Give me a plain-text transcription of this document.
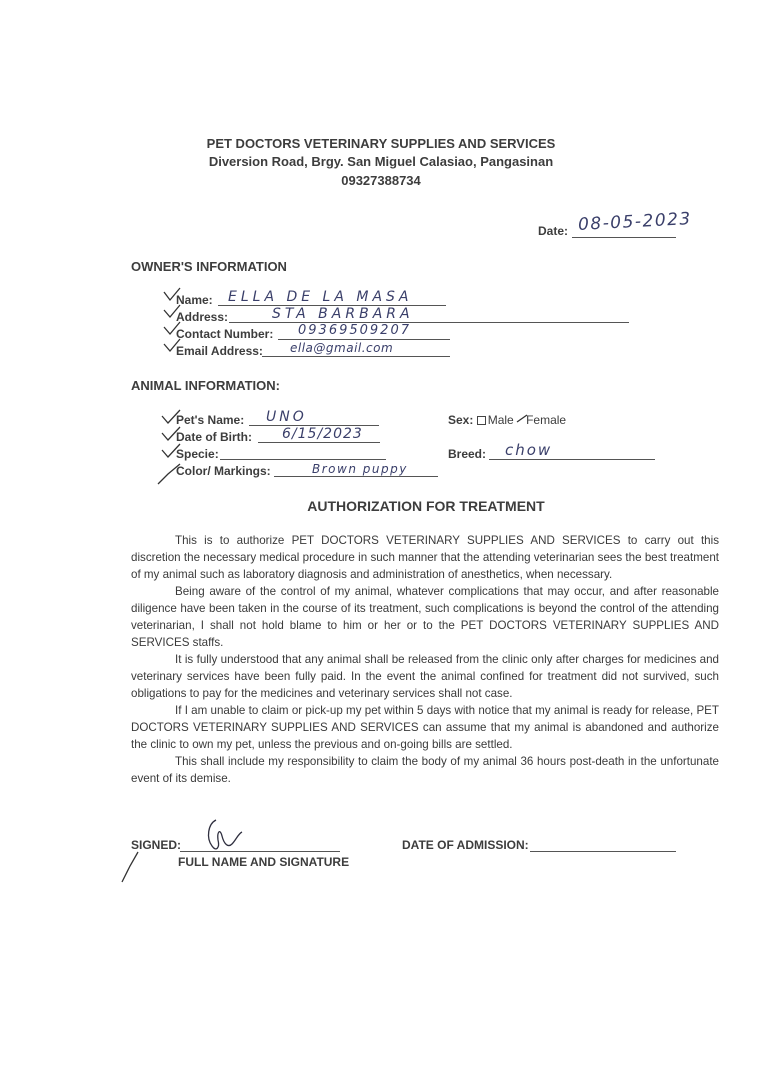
PET DOCTORS VETERINARY SUPPLIES AND SERVICES
Diversion Road, Brgy. San Miguel Calasiao, Pangasinan
09327388734
Date: 08-05-2023
OWNER'S INFORMATION
Name: ELLA DE LA MASA
Address:	STA BARBARA
Contact Number: 09369509207
Email Address: ella@gmail.com
ANIMAL INFORMATION:
Pet's Name: UNO
Date of Birth: 6/15/2023
Specie:
Color/ Markings:	Brown puppy
Sex: Male Female
Breed: chow
AUTHORIZATION FOR TREATMENT

This is to authorize PET DOCTORS VETERINARY SUPPLIES AND SERVICES to carry out this discretion the necessary medical procedure in such manner that the attending veterinarian sees the best treatment of my animal such as laboratory diagnosis and administration of anesthetics, when necessary.

Being aware of the control of my animal, whatever complications that may occur, and after reasonable diligence have been taken in the course of its treatment, such complications is beyond the control of the attending veterinarian, I shall not hold blame to him or her or to the PET DOCTORS VETERINARY SUPPLIES AND SERVICES staffs.

It is fully understood that any animal shall be released from the clinic only after charges for medicines and veterinary services have been fully paid. In the event the animal confined for treatment did not survived, such obligations to pay for the medicines and veterinary services shall not case.

If I am unable to claim or pick-up my pet within 5 days with notice that my animal is ready for release, PET DOCTORS VETERINARY SUPPLIES AND SERVICES can assume that my animal is abandoned and authorize the clinic to own my pet, unless the previous and on-going bills are settled.

This shall include my responsibility to claim the body of my animal 36 hours post-death in the unfortunate event of its demise.

SIGNED:
FULL NAME AND SIGNATURE
DATE OF ADMISSION:
